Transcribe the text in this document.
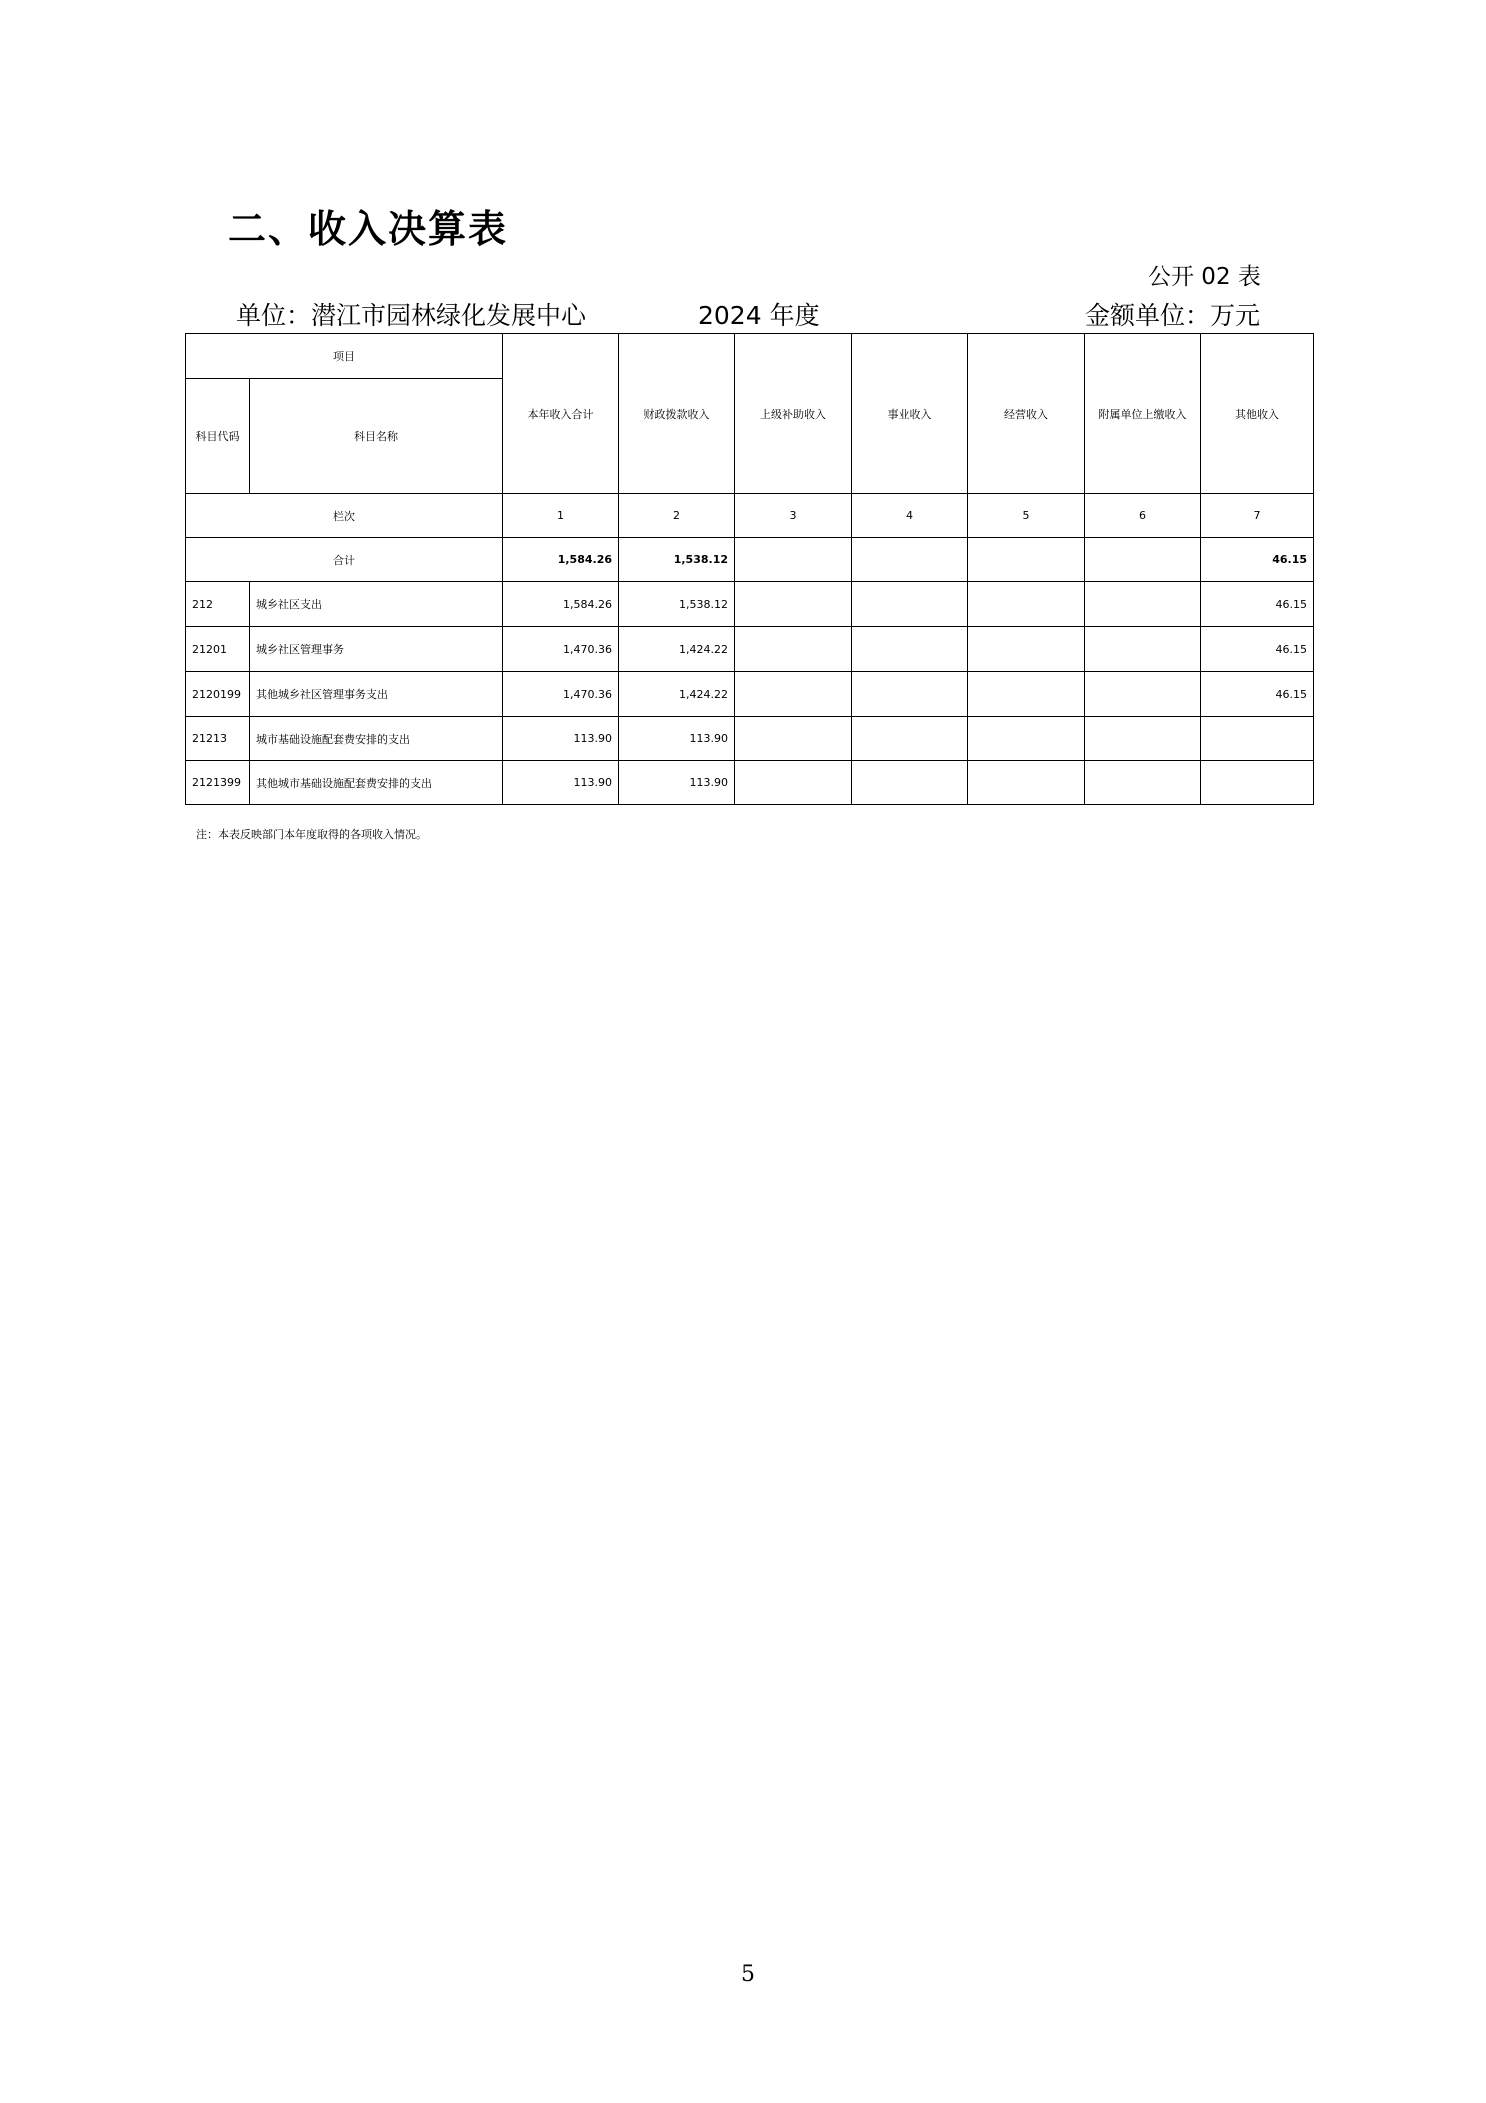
二、收入决算表
公开 02 表
单位：潜江市园林绿化发展中心	2024 年度	金额单位：万元
项目		本年收入合计	财政拨款收入	上级补助收入	事业收入	经营收入	附属单位上缴收入	其他收入
科目代码	科目名称							
栏次		1	2	3	4	5	6	7
合计		1,584.26	1,538.12					46.15
212	城乡社区支出	1,584.26	1,538.12					46.15
21201	城乡社区管理事务	1,470.36	1,424.22					46.15
2120199	其他城乡社区管理事务支出	1,470.36	1,424.22					46.15
21213	城市基础设施配套费安排的支出	113.90	113.90					
2121399	其他城市基础设施配套费安排的支出	113.90	113.90					
注：本表反映部门本年度取得的各项收入情况。
5
